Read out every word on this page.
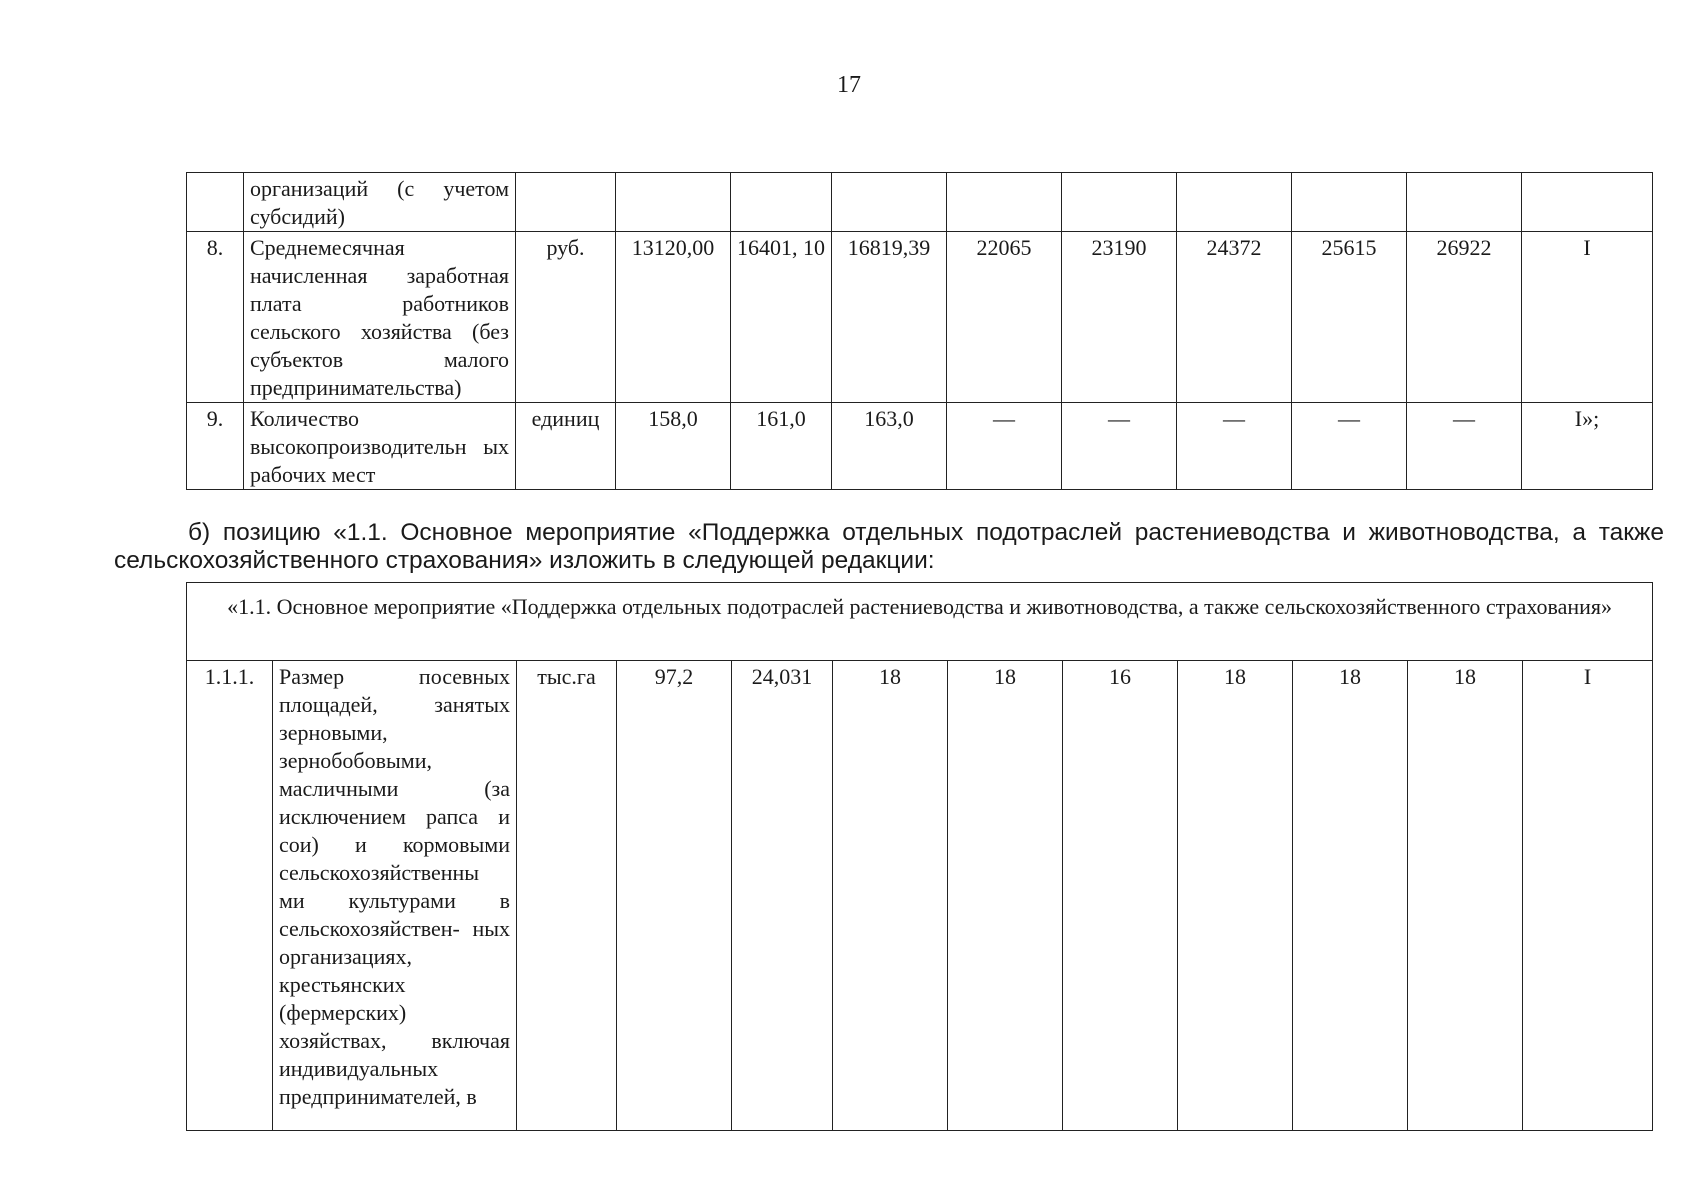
17
	организаций (с учетом субсидий)										
8.	Среднемесячная начисленная заработная плата работников сельского хозяйства (без субъектов малого предпринимательства)	руб.	13120,00	16401, 10	16819,39	22065	23190	24372	25615	26922	I
9.	Количество высокопроизводительн ых рабочих мест	единиц	158,0	161,0	163,0	—	—	—	—	—	I»;
б) позицию «1.1. Основное мероприятие «Поддержка отдельных подотраслей растениеводства и животноводства, а также сельскохозяйственного страхования» изложить в следующей редакции:
«1.1. Основное мероприятие «Поддержка отдельных подотраслей растениеводства и животноводства, а также сельскохозяйственного страхования»
1.1.1.	Размер посевных площадей, занятых зерновыми, зернобобовыми, масличными (за исключением рапса и сои) и кормовыми сельскохозяйственны ми культурами в сельскохозяйствен- ных организациях, крестьянских (фермерских) хозяйствах, включая индивидуальных предпринимателей, в	тыс.га	97,2	24,031	18	18	16	18	18	18	I
